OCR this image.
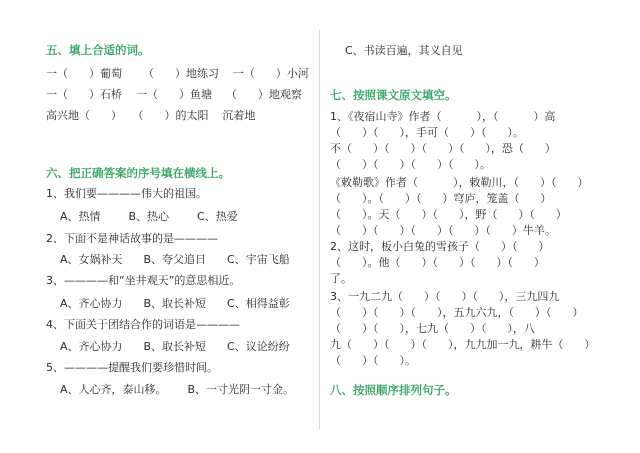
五、填上合适的词。
一（      ）葡萄      （      ）地练习    一（      ）小河
一（      ）石桥    一（      ）鱼塘    （      ）地观察
高兴地（      ）   （      ）的太阳    沉着地
六、把正确答案的序号填在横线上。
1、我们要————伟大的祖国。
A、热情        B、热心        C、热爱
2、下面不是神话故事的是————
A、女娲补天      B、夸父追日      C、宇宙飞船
3、————和“坐井观天”的意思相近。
A、齐心协力      B、取长补短      C、相得益彰
4、下面关于团结合作的词语是————
A、齐心协力      B、取长补短      C、议论纷纷
5、————提醒我们要珍惜时间。
A、人心齐，泰山移。      B、一寸光阴一寸金。
C、书读百遍，其义自见
七、按照课文原文填空。
1、《夜宿山寺》作者（          ），（          ）高
（      ）（      ），手可（      ）（      ）。
不（      ）（      ）（      ）（      ），恐（      ）
（      ）（      ）（      ）（      ）。
《敕勒歌》作者（          ），敕勒川，（      ）（      ）
（      ）。（      ）（      ）穹庐，笼盖（      ）
（      ）。天（      ）（      ），野（      ）（      ）
（      ）（      ）（      ）（      ）（      ）牛羊。
2、这时，板小白兔的雪孩子（      ）（      ）
（      ）。他（      ）（      ）（      ）（      ）
了。
3、一九二九（      ）（      ）（      ），三九四九
（      ）（      ）（      ），五九六九，（      ）（      ）
（      ）（      ），七九（      ）（      ），八
九（      ）（      ）（      ），九九加一九，耕牛（      ）
（      ）（      ）。
八、按照顺序排列句子。
